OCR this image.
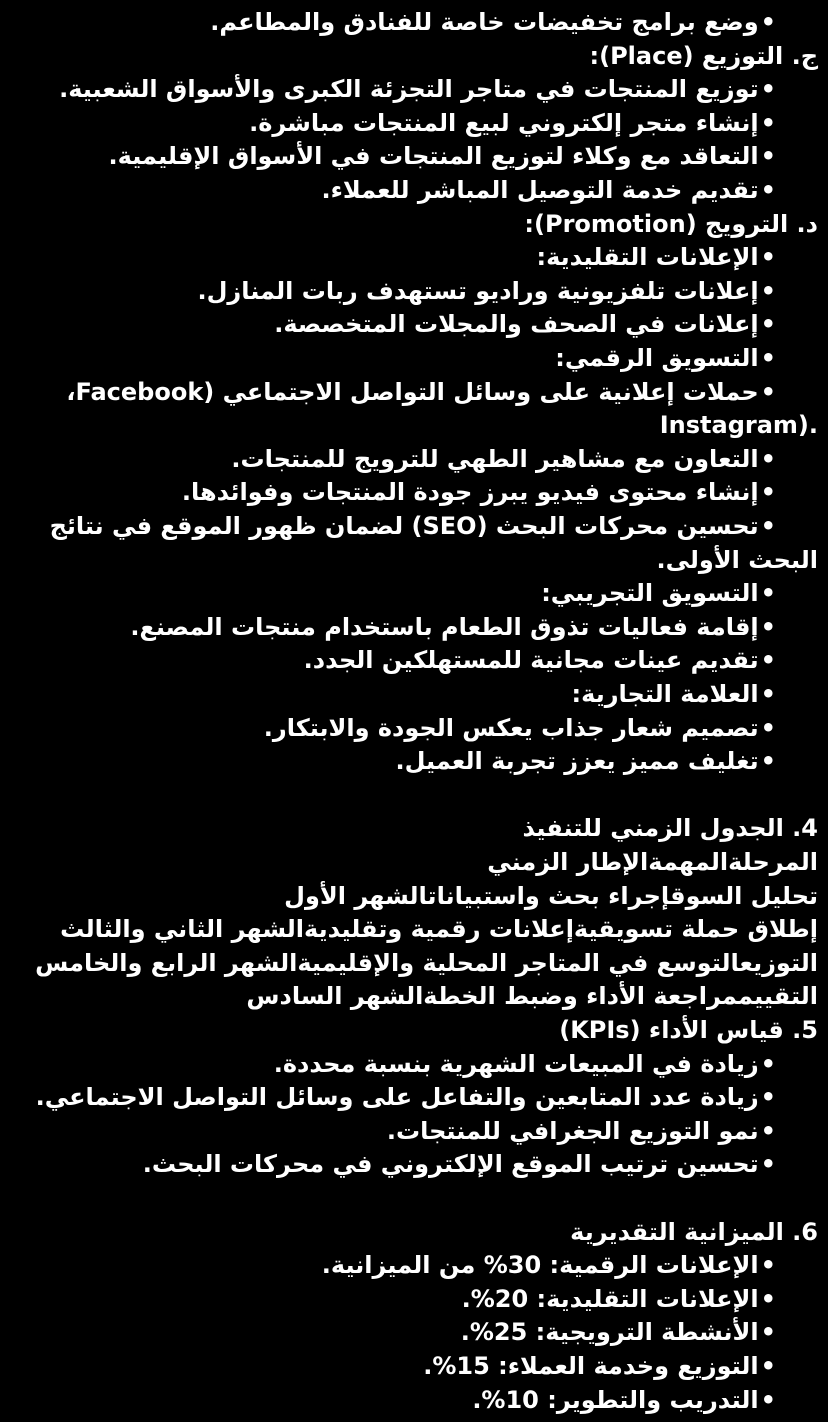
• وضع برامج تخفيضات خاصة للفنادق والمطاعم.
ج. التوزيع (Place):
• توزيع المنتجات في متاجر التجزئة الكبرى والأسواق الشعبية.
• إنشاء متجر إلكتروني لبيع المنتجات مباشرة.
• التعاقد مع وكلاء لتوزيع المنتجات في الأسواق الإقليمية.
• تقديم خدمة التوصيل المباشر للعملاء.
د. الترويج (Promotion):
• الإعلانات التقليدية:
• إعلانات تلفزيونية وراديو تستهدف ربات المنازل.
• إعلانات في الصحف والمجلات المتخصصة.
• التسويق الرقمي:
• حملات إعلانية على وسائل التواصل الاجتماعي (Facebook،
Instagram).
• التعاون مع مشاهير الطهي للترويج للمنتجات.
• إنشاء محتوى فيديو يبرز جودة المنتجات وفوائدها.
• تحسين محركات البحث (SEO) لضمان ظهور الموقع في نتائج
البحث الأولى.
• التسويق التجريبي:
• إقامة فعاليات تذوق الطعام باستخدام منتجات المصنع.
• تقديم عينات مجانية للمستهلكين الجدد.
• العلامة التجارية:
• تصميم شعار جذاب يعكس الجودة والابتكار.
• تغليف مميز يعزز تجربة العميل.
4. الجدول الزمني للتنفيذ
المرحلةالمهمةالإطار الزمني
تحليل السوقإجراء بحث واستبياناتالشهر الأول
إطلاق حملة تسويقيةإعلانات رقمية وتقليديةالشهر الثاني والثالث
التوزيعالتوسع في المتاجر المحلية والإقليميةالشهر الرابع والخامس
التقييممراجعة الأداء وضبط الخطةالشهر السادس
5. قياس الأداء (KPIs)
• زيادة في المبيعات الشهرية بنسبة محددة.
• زيادة عدد المتابعين والتفاعل على وسائل التواصل الاجتماعي.
• نمو التوزيع الجغرافي للمنتجات.
• تحسين ترتيب الموقع الإلكتروني في محركات البحث.
6. الميزانية التقديرية
• الإعلانات الرقمية: 30% من الميزانية.
• الإعلانات التقليدية: 20%.
• الأنشطة الترويجية: 25%.
• التوزيع وخدمة العملاء: 15%.
• التدريب والتطوير: 10%.
